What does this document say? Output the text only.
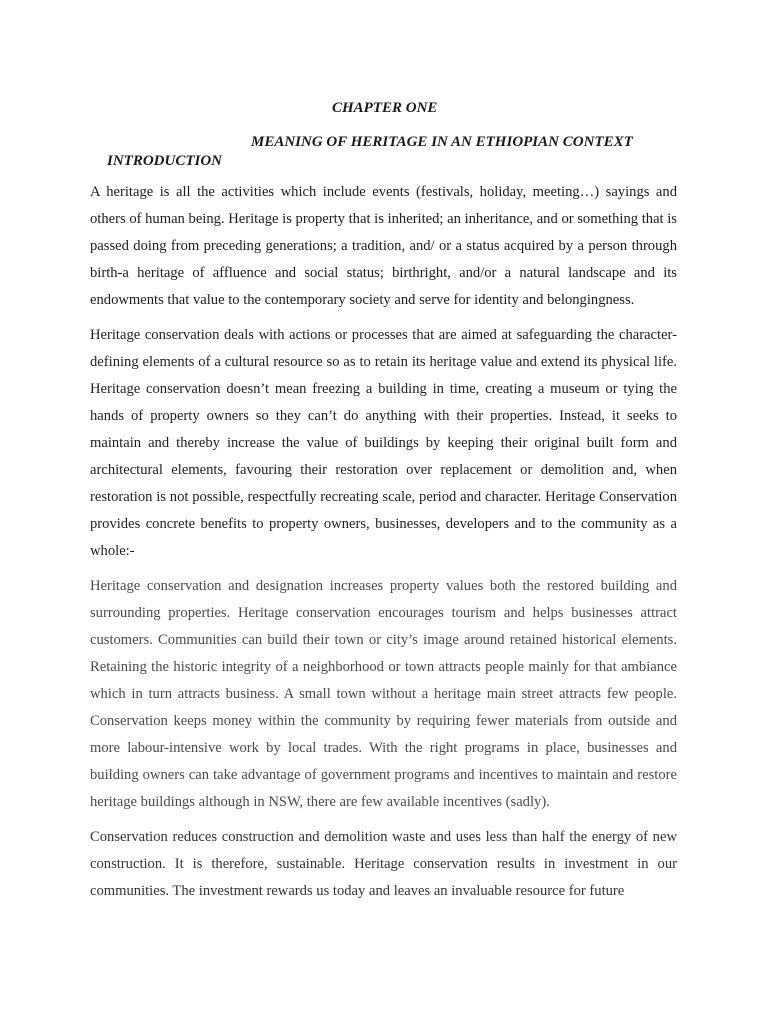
CHAPTER ONE
MEANING OF HERITAGE IN AN ETHIOPIAN CONTEXT
INTRODUCTION

A heritage is all the activities which include events (festivals, holiday, meeting…) sayings and others of human being. Heritage is property that is inherited; an inheritance, and or something that is passed doing from preceding generations; a tradition, and/ or a status acquired by a person through birth-a heritage of affluence and social status; birthright, and/or a natural landscape and its endowments that value to the contemporary society and serve for identity and belongingness.

Heritage conservation deals with actions or processes that are aimed at safeguarding the character-defining elements of a cultural resource so as to retain its heritage value and extend its physical life. Heritage conservation doesn’t mean freezing a building in time, creating a museum or tying the hands of property owners so they can’t do anything with their properties. Instead, it seeks to maintain and thereby increase the value of buildings by keeping their original built form and architectural elements, favouring their restoration over replacement or demolition and, when restoration is not possible, respectfully recreating scale, period and character. Heritage Conservation provides concrete benefits to property owners, businesses, developers and to the community as a whole:-

Heritage conservation and designation increases property values both the restored building and surrounding properties. Heritage conservation encourages tourism and helps businesses attract customers. Communities can build their town or city’s image around retained historical elements. Retaining the historic integrity of a neighborhood or town attracts people mainly for that ambiance which in turn attracts business. A small town without a heritage main street attracts few people. Conservation keeps money within the community by requiring fewer materials from outside and more labour-intensive work by local trades. With the right programs in place, businesses and building owners can take advantage of government programs and incentives to maintain and restore heritage buildings although in NSW, there are few available incentives (sadly).

Conservation reduces construction and demolition waste and uses less than half the energy of new construction. It is therefore, sustainable. Heritage conservation results in investment in our communities. The investment rewards us today and leaves an invaluable resource for future
